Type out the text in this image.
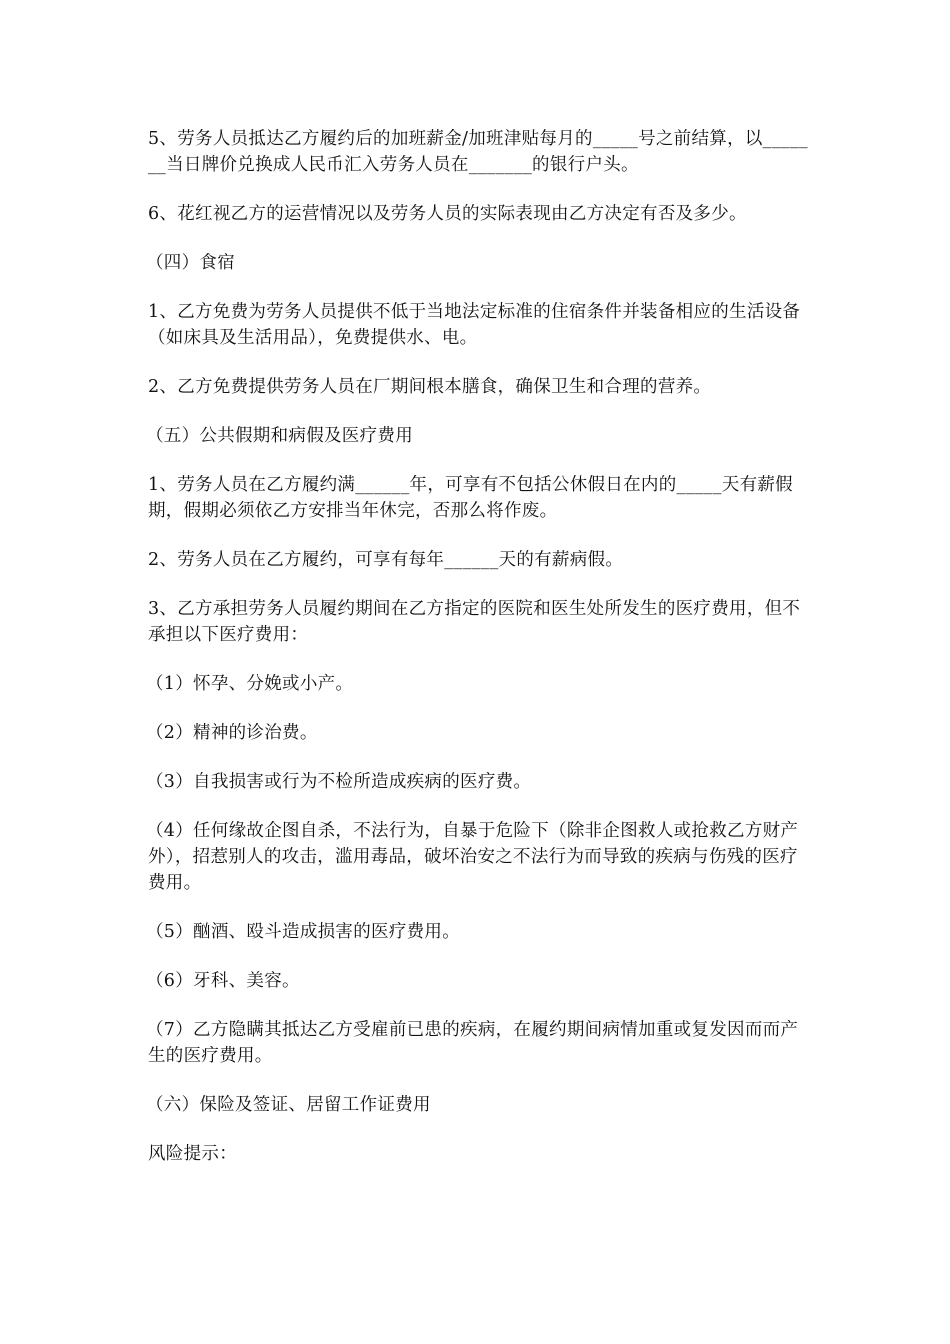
5、劳务人员抵达乙方履约后的加班薪金/加班津贴每月的_____号之前结算，以_______当日牌价兑换成人民币汇入劳务人员在_______的银行户头。

6、花红视乙方的运营情况以及劳务人员的实际表现由乙方决定有否及多少。

（四）食宿

1、乙方免费为劳务人员提供不低于当地法定标准的住宿条件并装备相应的生活设备（如床具及生活用品），免费提供水、电。

2、乙方免费提供劳务人员在厂期间根本膳食，确保卫生和合理的营养。

（五）公共假期和病假及医疗费用

1、劳务人员在乙方履约满______年，可享有不包括公休假日在内的_____天有薪假期，假期必须依乙方安排当年休完，否那么将作废。

2、劳务人员在乙方履约，可享有每年______天的有薪病假。

3、乙方承担劳务人员履约期间在乙方指定的医院和医生处所发生的医疗费用，但不承担以下医疗费用：

（1）怀孕、分娩或小产。

（2）精神的诊治费。

（3）自我损害或行为不检所造成疾病的医疗费。

（4）任何缘故企图自杀，不法行为，自暴于危险下（除非企图救人或抢救乙方财产外），招惹别人的攻击，滥用毒品，破坏治安之不法行为而导致的疾病与伤残的医疗费用。

（5）酗酒、殴斗造成损害的医疗费用。

（6）牙科、美容。

（7）乙方隐瞒其抵达乙方受雇前已患的疾病，在履约期间病情加重或复发因而而产生的医疗费用。

（六）保险及签证、居留工作证费用

风险提示：
